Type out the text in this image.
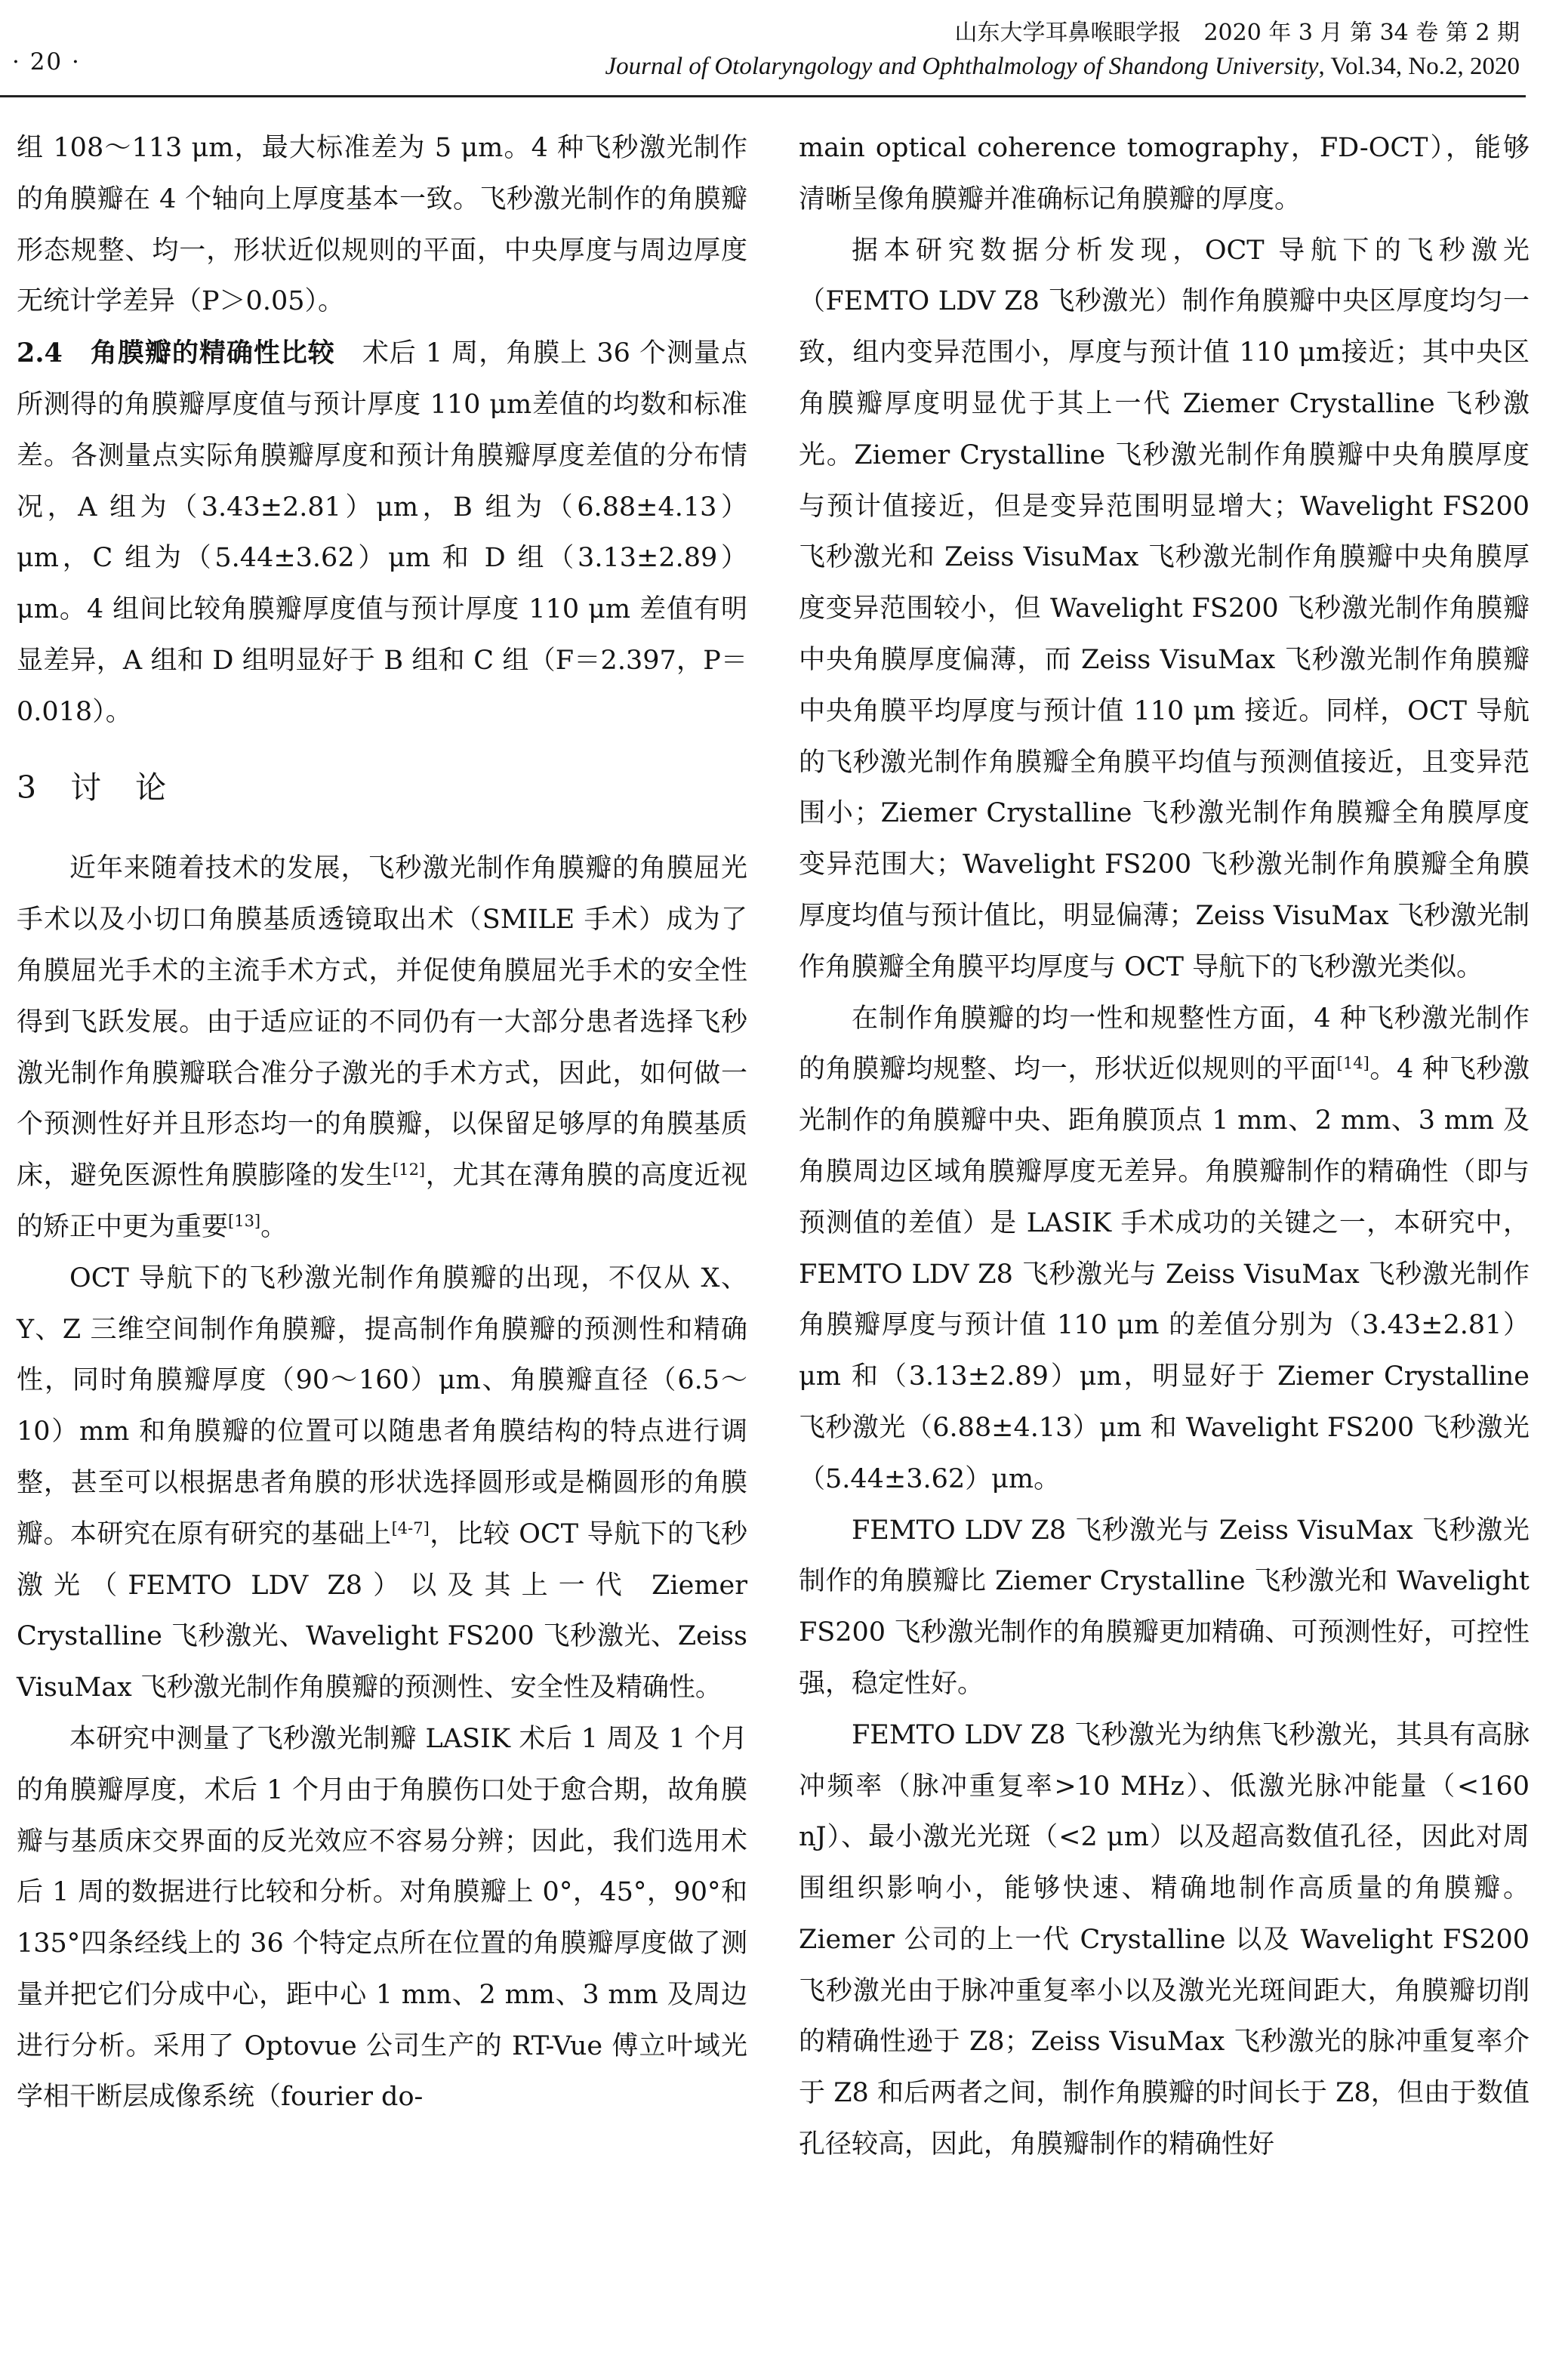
· 20 ·
山东大学耳鼻喉眼学报　2020 年 3 月 第 34 卷 第 2 期
Journal of Otolaryngology and Ophthalmology of Shandong University, Vol.34, No.2, 2020

组 108～113 μm，最大标准差为 5 μm。4 种飞秒激光制作的角膜瓣在 4 个轴向上厚度基本一致。飞秒激光制作的角膜瓣形态规整、均一，形状近似规则的平面，中央厚度与周边厚度无统计学差异（P＞0.05）。

2.4　 角膜瓣的精确性比较　 术后 1 周，角膜上 36 个测量点所测得的角膜瓣厚度值与预计厚度 110 μm差值的均数和标准差。各测量点实际角膜瓣厚度和预计角膜瓣厚度差值的分布情况，A 组为（3.43±2.81）μm，B 组为（6.88±4.13）μm，C 组为（5.44±3.62）μm 和 D 组（3.13±2.89）μm。4 组间比较角膜瓣厚度值与预计厚度 110 μm 差值有明显差异，A 组和 D 组明显好于 B 组和 C 组（F＝2.397，P＝0.018）。

3　 讨　论

近年来随着技术的发展，飞秒激光制作角膜瓣的角膜屈光手术以及小切口角膜基质透镜取出术（SMILE 手术）成为了角膜屈光手术的主流手术方式，并促使角膜屈光手术的安全性得到飞跃发展。由于适应证的不同仍有一大部分患者选择飞秒激光制作角膜瓣联合准分子激光的手术方式，因此，如何做一个预测性好并且形态均一的角膜瓣，以保留足够厚的角膜基质床，避免医源性角膜膨隆的发生[12]，尤其在薄角膜的高度近视的矫正中更为重要[13]。

OCT 导航下的飞秒激光制作角膜瓣的出现，不仅从 X、Y、Z 三维空间制作角膜瓣，提高制作角膜瓣的预测性和精确性，同时角膜瓣厚度（90～160）μm、角膜瓣直径（6.5～10）mm 和角膜瓣的位置可以随患者角膜结构的特点进行调整，甚至可以根据患者角膜的形状选择圆形或是椭圆形的角膜瓣。本研究在原有研究的基础上[4-7]，比较 OCT 导航下的飞秒激光（FEMTO LDV Z8）以及其上一代 Ziemer Crystalline 飞秒激光、Wavelight FS200 飞秒激光、Zeiss VisuMax 飞秒激光制作角膜瓣的预测性、安全性及精确性。

本研究中测量了飞秒激光制瓣 LASIK 术后 1 周及 1 个月的角膜瓣厚度，术后 1 个月由于角膜伤口处于愈合期，故角膜瓣与基质床交界面的反光效应不容易分辨；因此，我们选用术后 1 周的数据进行比较和分析。对角膜瓣上 0°，45°，90°和 135°四条经线上的 36 个特定点所在位置的角膜瓣厚度做了测量并把它们分成中心，距中心 1 mm、2 mm、3 mm 及周边进行分析。采用了 Optovue 公司生产的 RT-Vue 傅立叶域光学相干断层成像系统（fourier do-

main optical coherence tomography，FD-OCT），能够清晰呈像角膜瓣并准确标记角膜瓣的厚度。

据本研究数据分析发现，OCT 导航下的飞秒激光（FEMTO LDV Z8 飞秒激光）制作角膜瓣中央区厚度均匀一致，组内变异范围小，厚度与预计值 110 μm接近；其中央区角膜瓣厚度明显优于其上一代 Ziemer Crystalline 飞秒激光。Ziemer Crystalline 飞秒激光制作角膜瓣中央角膜厚度与预计值接近，但是变异范围明显增大；Wavelight FS200 飞秒激光和 Zeiss VisuMax 飞秒激光制作角膜瓣中央角膜厚度变异范围较小，但 Wavelight FS200 飞秒激光制作角膜瓣中央角膜厚度偏薄，而 Zeiss VisuMax 飞秒激光制作角膜瓣中央角膜平均厚度与预计值 110 μm 接近。同样，OCT 导航的飞秒激光制作角膜瓣全角膜平均值与预测值接近，且变异范围小；Ziemer Crystalline 飞秒激光制作角膜瓣全角膜厚度变异范围大；Wavelight FS200 飞秒激光制作角膜瓣全角膜厚度均值与预计值比，明显偏薄；Zeiss VisuMax 飞秒激光制作角膜瓣全角膜平均厚度与 OCT 导航下的飞秒激光类似。

在制作角膜瓣的均一性和规整性方面，4 种飞秒激光制作的角膜瓣均规整、均一，形状近似规则的平面[14]。4 种飞秒激光制作的角膜瓣中央、距角膜顶点 1 mm、2 mm、3 mm 及角膜周边区域角膜瓣厚度无差异。角膜瓣制作的精确性（即与预测值的差值）是 LASIK 手术成功的关键之一，本研究中，FEMTO LDV Z8 飞秒激光与 Zeiss VisuMax 飞秒激光制作角膜瓣厚度与预计值 110 μm 的差值分别为（3.43±2.81）μm 和（3.13±2.89）μm，明显好于 Ziemer Crystalline 飞秒激光（6.88±4.13）μm 和 Wavelight FS200 飞秒激光（5.44±3.62）μm。

FEMTO LDV Z8 飞秒激光与 Zeiss VisuMax 飞秒激光制作的角膜瓣比 Ziemer Crystalline 飞秒激光和 Wavelight FS200 飞秒激光制作的角膜瓣更加精确、可预测性好，可控性强，稳定性好。

FEMTO LDV Z8 飞秒激光为纳焦飞秒激光，其具有高脉冲频率（脉冲重复率>10 MHz）、低激光脉冲能量（<160 nJ）、最小激光光斑（<2 μm）以及超高数值孔径，因此对周围组织影响小，能够快速、精确地制作高质量的角膜瓣。Ziemer 公司的上一代 Crystalline 以及 Wavelight FS200 飞秒激光由于脉冲重复率小以及激光光斑间距大，角膜瓣切削的精确性逊于 Z8；Zeiss VisuMax 飞秒激光的脉冲重复率介于 Z8 和后两者之间，制作角膜瓣的时间长于 Z8，但由于数值孔径较高，因此，角膜瓣制作的精确性好
